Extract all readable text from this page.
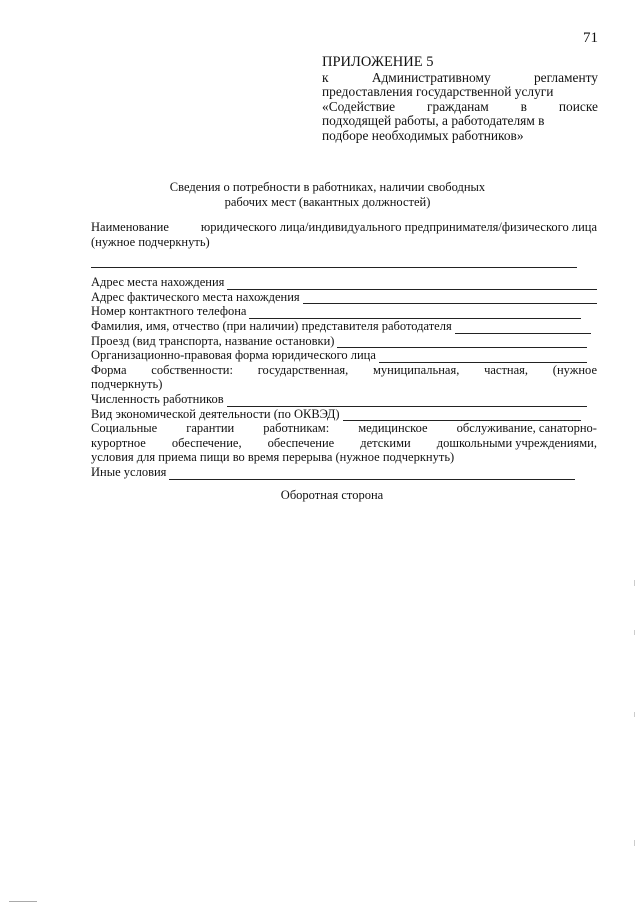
71
ПРИЛОЖЕНИЕ 5
к	Административному	регламенту
предоставления государственной услуги
«Содействие гражданам в поиске
подходящей работы, а работодателям в
подборе необходимых работников»
Сведения о потребности в работниках, наличии свободных
рабочих мест (вакантных должностей)
Наименование	юридического лица/индивидуального предпринимателя/физического лица
(нужное подчеркнуть)
Адрес места нахождения
Адрес фактического места нахождения
Номер контактного телефона
Фамилия, имя, отчество (при наличии) представителя работодателя
Проезд (вид транспорта, название остановки)
Организационно-правовая форма юридического лица
Форма собственности: государственная, муниципальная, частная, (нужное
подчеркнуть)
Численность работников
Вид экономической деятельности (по ОКВЭД)
Социальные гарантии работникам: медицинское обслуживание, санаторно-
курортное обеспечение, обеспечение детскими дошкольными учреждениями,
условия для приема пищи во время перерыва (нужное подчеркнуть)
Иные условия
Оборотная сторона
